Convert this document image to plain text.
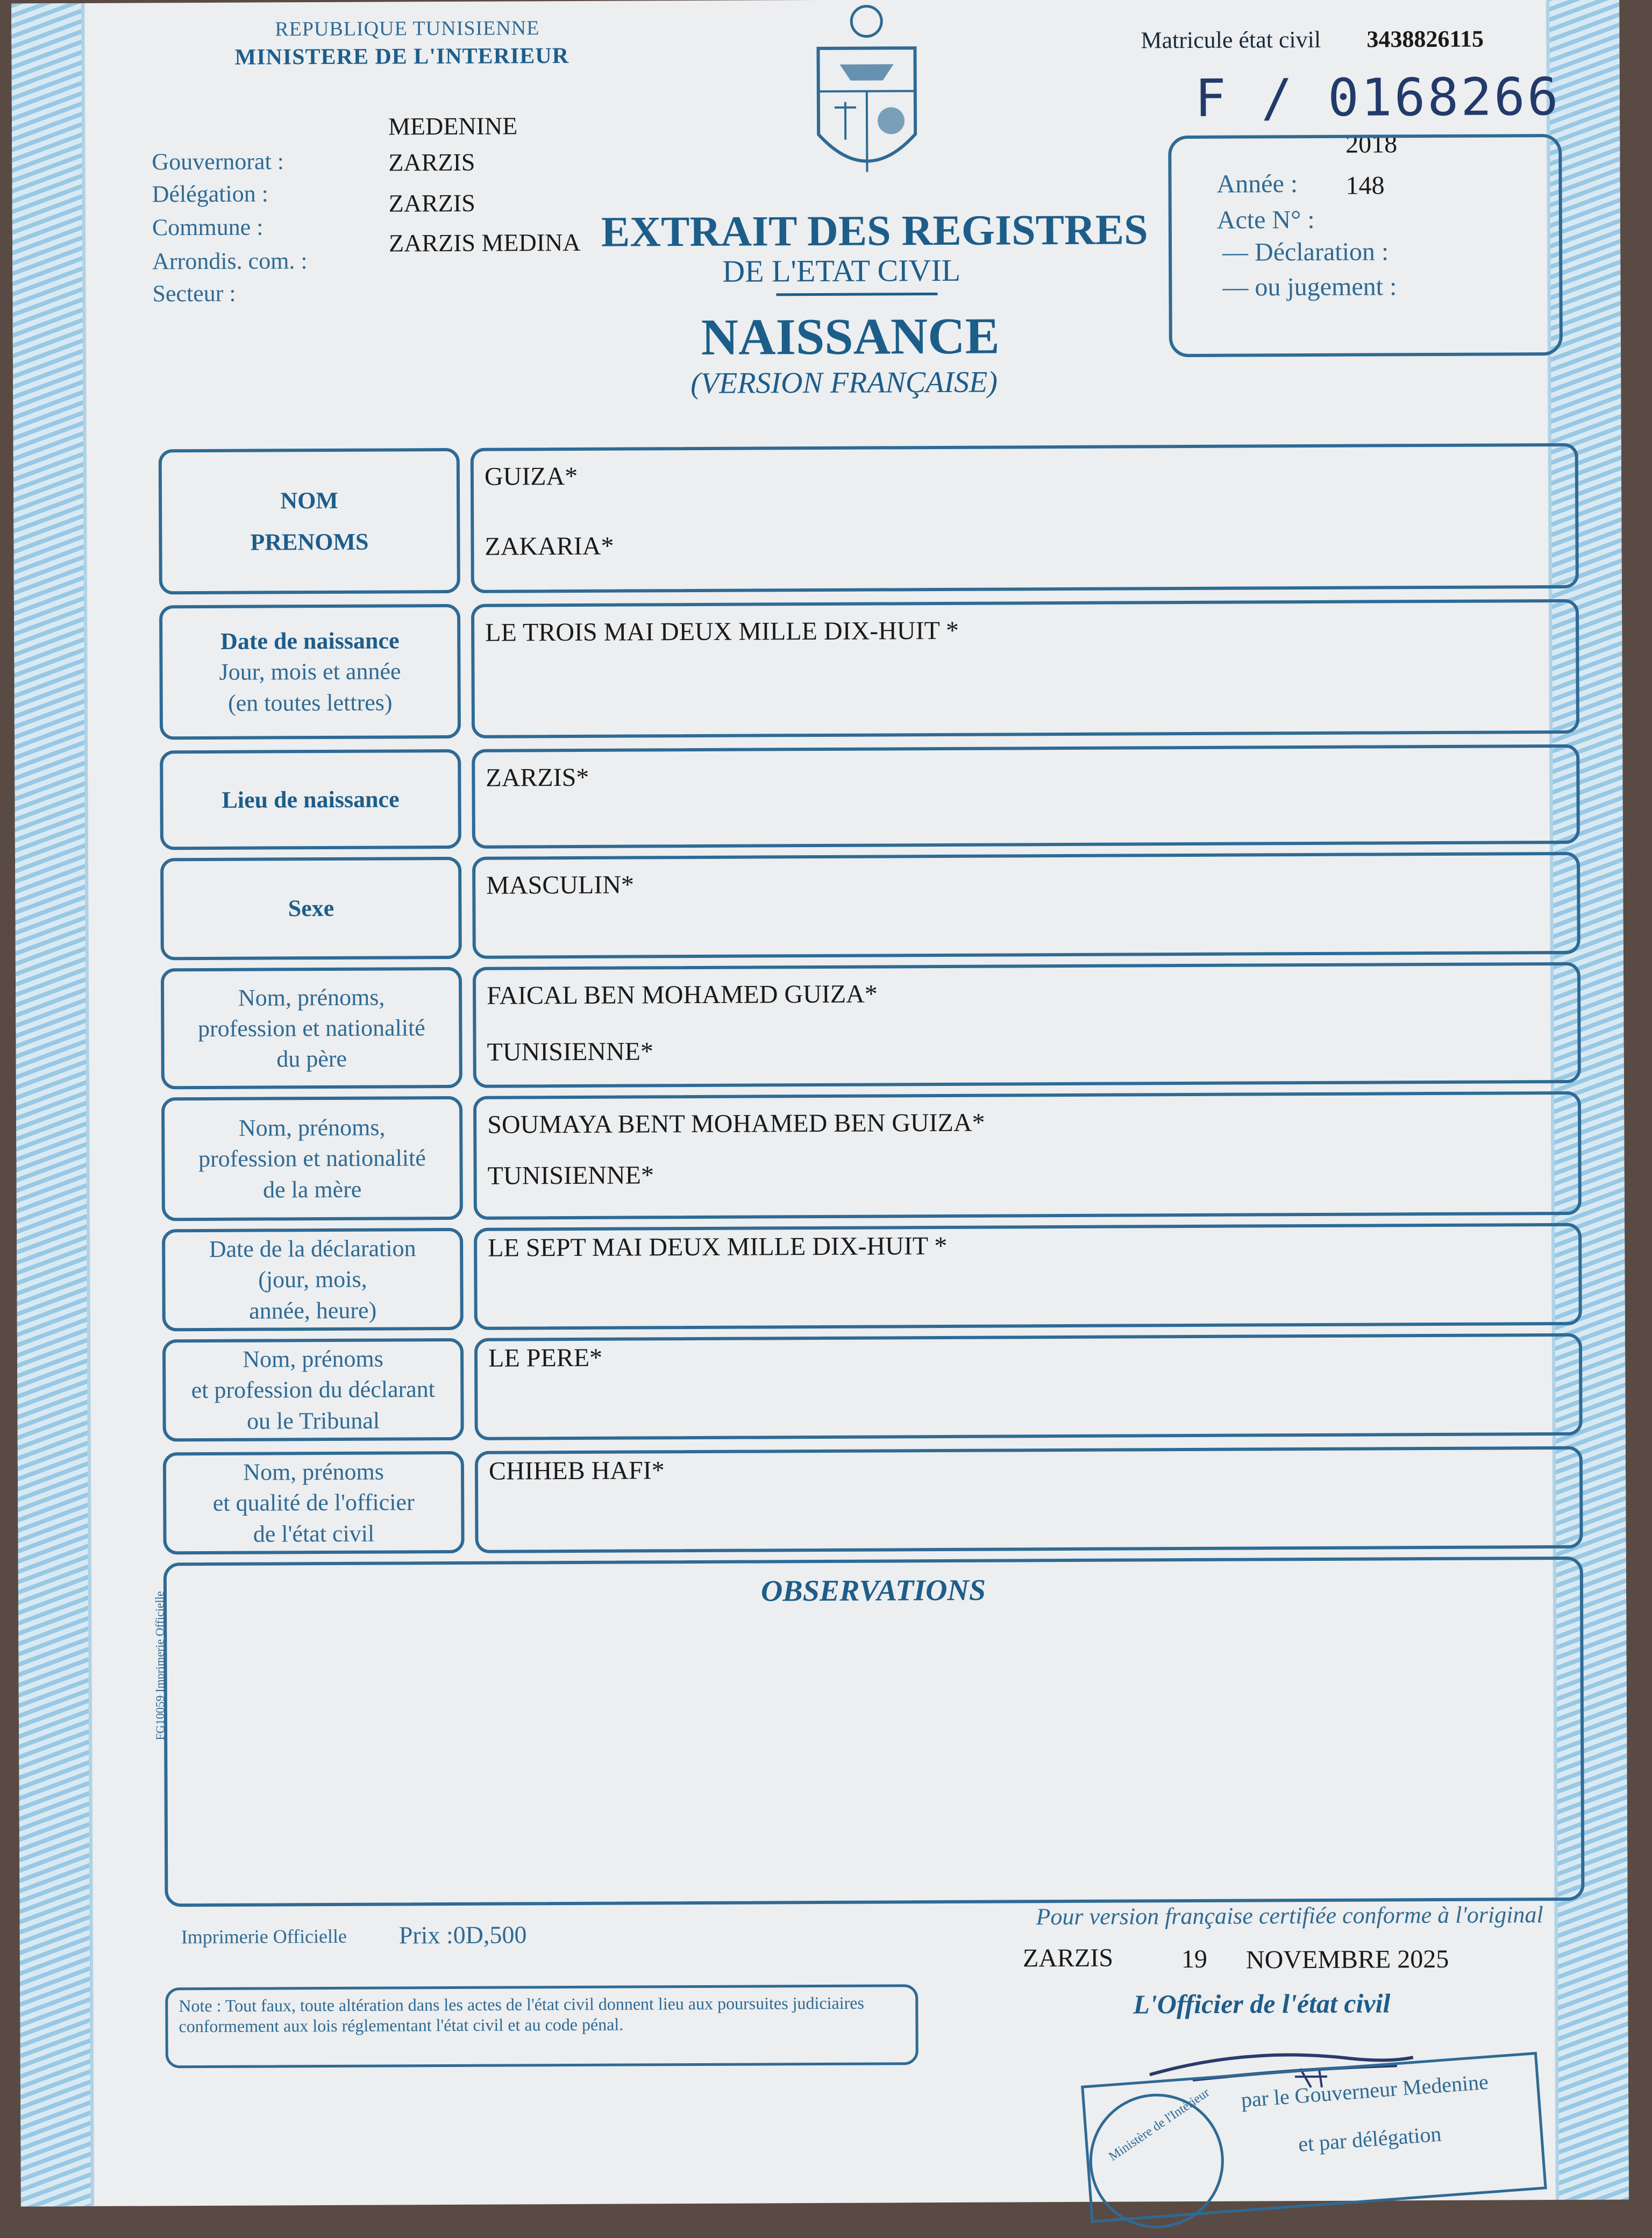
REPUBLIQUE TUNISIENNE
MINISTERE DE L'INTERIEUR
Matricule état civil 3438826115
F / 0168266
Gouvernorat :
Délégation :
Commune :
Arrondis. com. :
Secteur :
MEDENINE
ZARZIS
ZARZIS
ZARZIS MEDINA EXTRAIT DES REGISTRES
DE L'ETAT CIVIL
NAISSANCE
(VERSION FRANÇAISE)
2018
Année : 148
Acte N° :
— Déclaration :
— ou jugement :
NOM
PRENOMS
GUIZA*
ZAKARIA*
Date de naissance
Jour, mois et année
(en toutes lettres)
LE TROIS MAI DEUX MILLE DIX-HUIT *
Lieu de naissance
ZARZIS*
Sexe
MASCULIN*
Nom, prénoms,
profession et nationalité
du père
FAICAL BEN MOHAMED GUIZA*
TUNISIENNE*
Nom, prénoms,
profession et nationalité
de la mère
SOUMAYA BENT MOHAMED BEN GUIZA*
TUNISIENNE*
Date de la déclaration
(jour, mois,
année, heure)
LE SEPT MAI DEUX MILLE DIX-HUIT *
Nom, prénoms
et profession du déclarant
ou le Tribunal
LE PERE*
Nom, prénoms
et qualité de l'officier
de l'état civil
CHIHEB HAFI*
OBSERVATIONS
FG10059 Imprimerie Officielle
Imprimerie Officielle Prix :0D,500
Pour version française certifiée conforme à l'original
ZARZIS	19 NOVEMBRE 2025
L'Officier de l'état civil
Note : Tout faux, toute altération dans les actes de l'état civil donnent lieu aux poursuites judiciaires conformement aux lois réglementant l'état civil et au code pénal.
Ministère de l'Intérieur par le Gouverneur Medenine
et par délégation
